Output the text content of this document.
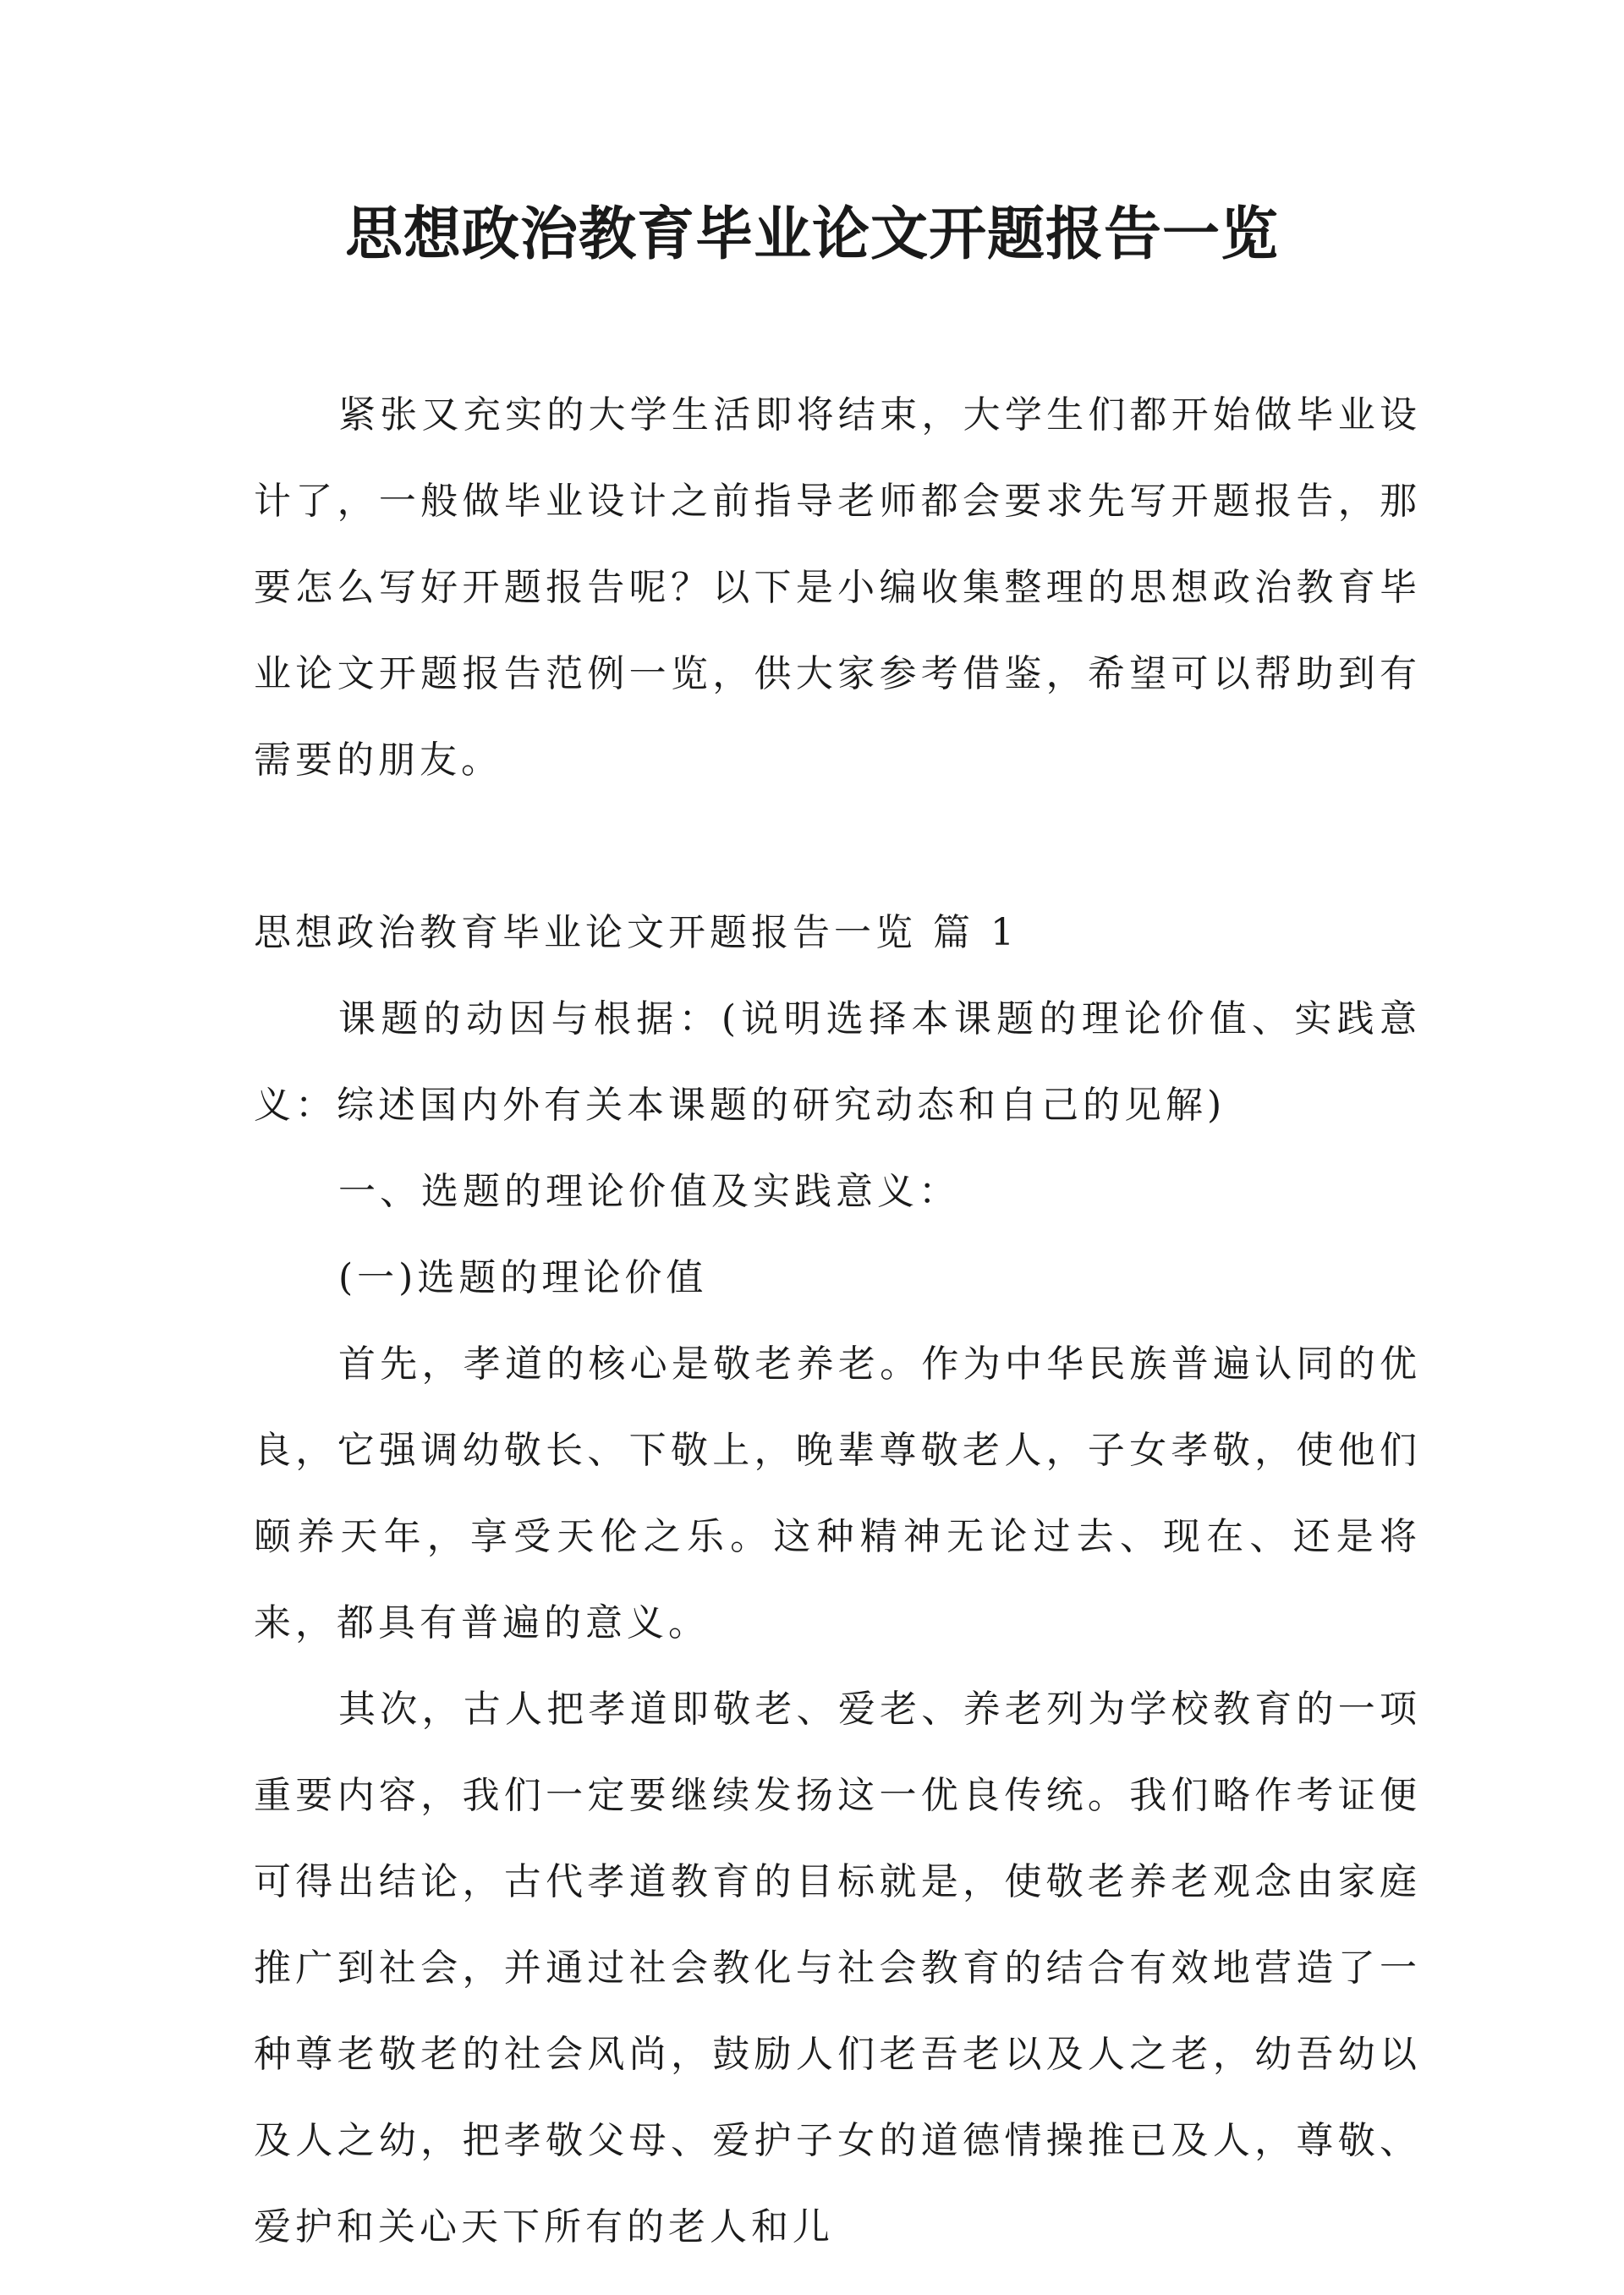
思想政治教育毕业论文开题报告一览

紧张又充实的大学生活即将结束，大学生们都开始做毕业设计了，一般做毕业设计之前指导老师都会要求先写开题报告，那要怎么写好开题报告呢？以下是小编收集整理的思想政治教育毕业论文开题报告范例一览，供大家参考借鉴，希望可以帮助到有需要的朋友。

思想政治教育毕业论文开题报告一览 篇 1

课题的动因与根据：(说明选择本课题的理论价值、实践意义：综述国内外有关本课题的研究动态和自己的见解)

一、选题的理论价值及实践意义：

(一)选题的理论价值

首先，孝道的核心是敬老养老。作为中华民族普遍认同的优良，它强调幼敬长、下敬上，晚辈尊敬老人，子女孝敬，使他们颐养天年，享受天伦之乐。这种精神无论过去、现在、还是将来，都具有普遍的意义。

其次，古人把孝道即敬老、爱老、养老列为学校教育的一项重要内容，我们一定要继续发扬这一优良传统。我们略作考证便可得出结论，古代孝道教育的目标就是，使敬老养老观念由家庭推广到社会，并通过社会教化与社会教育的结合有效地营造了一种尊老敬老的社会风尚，鼓励人们老吾老以及人之老，幼吾幼以及人之幼，把孝敬父母、爱护子女的道德情操推已及人，尊敬、爱护和关心天下所有的老人和儿
